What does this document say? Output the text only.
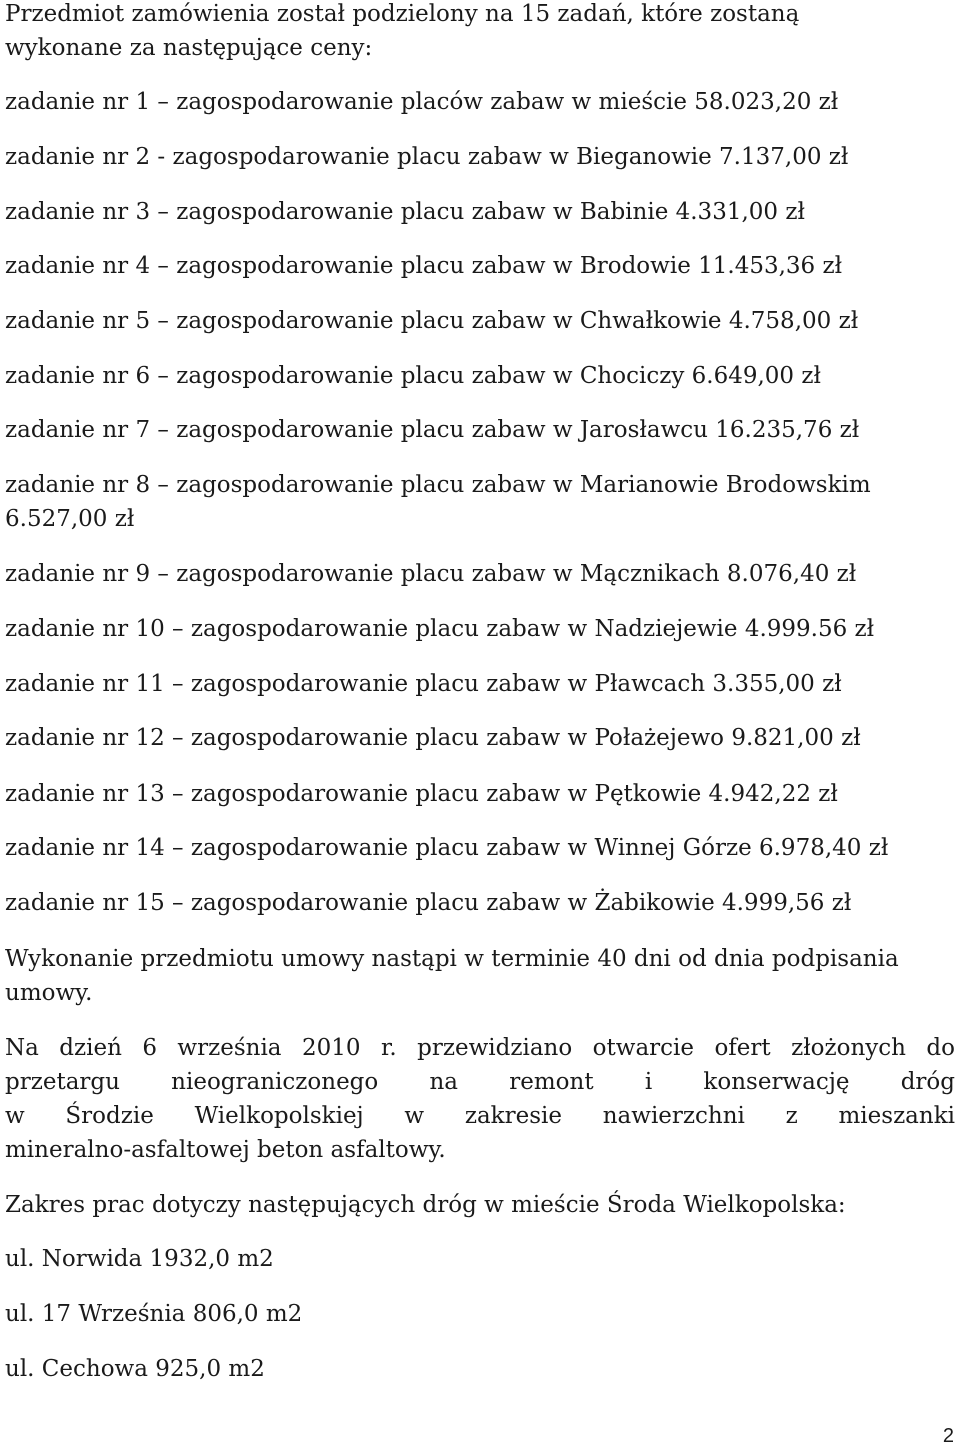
Przedmiot zamówienia został podzielony na 15 zadań, które zostaną

wykonane za następujące ceny:

zadanie nr 1 – zagospodarowanie placów zabaw w mieście 58.023,20 zł

zadanie nr 2 - zagospodarowanie placu zabaw w Bieganowie 7.137,00 zł

zadanie nr 3 – zagospodarowanie placu zabaw w Babinie 4.331,00 zł

zadanie nr 4 – zagospodarowanie placu zabaw w Brodowie 11.453,36 zł

zadanie nr 5 – zagospodarowanie placu zabaw w Chwałkowie 4.758,00 zł

zadanie nr 6 – zagospodarowanie placu zabaw w Chociczy 6.649,00 zł

zadanie nr 7 – zagospodarowanie placu zabaw w Jarosławcu 16.235,76 zł

zadanie nr 8 – zagospodarowanie placu zabaw w Marianowie Brodowskim

6.527,00 zł

zadanie nr 9 – zagospodarowanie placu zabaw w Mącznikach 8.076,40 zł

zadanie nr 10 – zagospodarowanie placu zabaw w Nadziejewie 4.999.56 zł

zadanie nr 11 – zagospodarowanie placu zabaw w Pławcach 3.355,00 zł

zadanie nr 12 – zagospodarowanie placu zabaw w Połażejewo 9.821,00 zł

zadanie nr 13 – zagospodarowanie placu zabaw w Pętkowie 4.942,22 zł

zadanie nr 14 – zagospodarowanie placu zabaw w Winnej Górze 6.978,40 zł

zadanie nr 15 – zagospodarowanie placu zabaw w Żabikowie 4.999,56 zł

Wykonanie przedmiotu umowy nastąpi w terminie 40 dni od dnia podpisania

umowy.

Na dzień 6 września 2010 r. przewidziano otwarcie ofert złożonych do

przetargu nieograniczonego na remont i konserwację dróg

w Środzie Wielkopolskiej w zakresie nawierzchni z mieszanki

mineralno-asfaltowej beton asfaltowy.

Zakres prac dotyczy następujących dróg w mieście Środa Wielkopolska:

ul. Norwida 1932,0 m2

ul. 17 Września 806,0 m2

ul. Cechowa 925,0 m2

2
